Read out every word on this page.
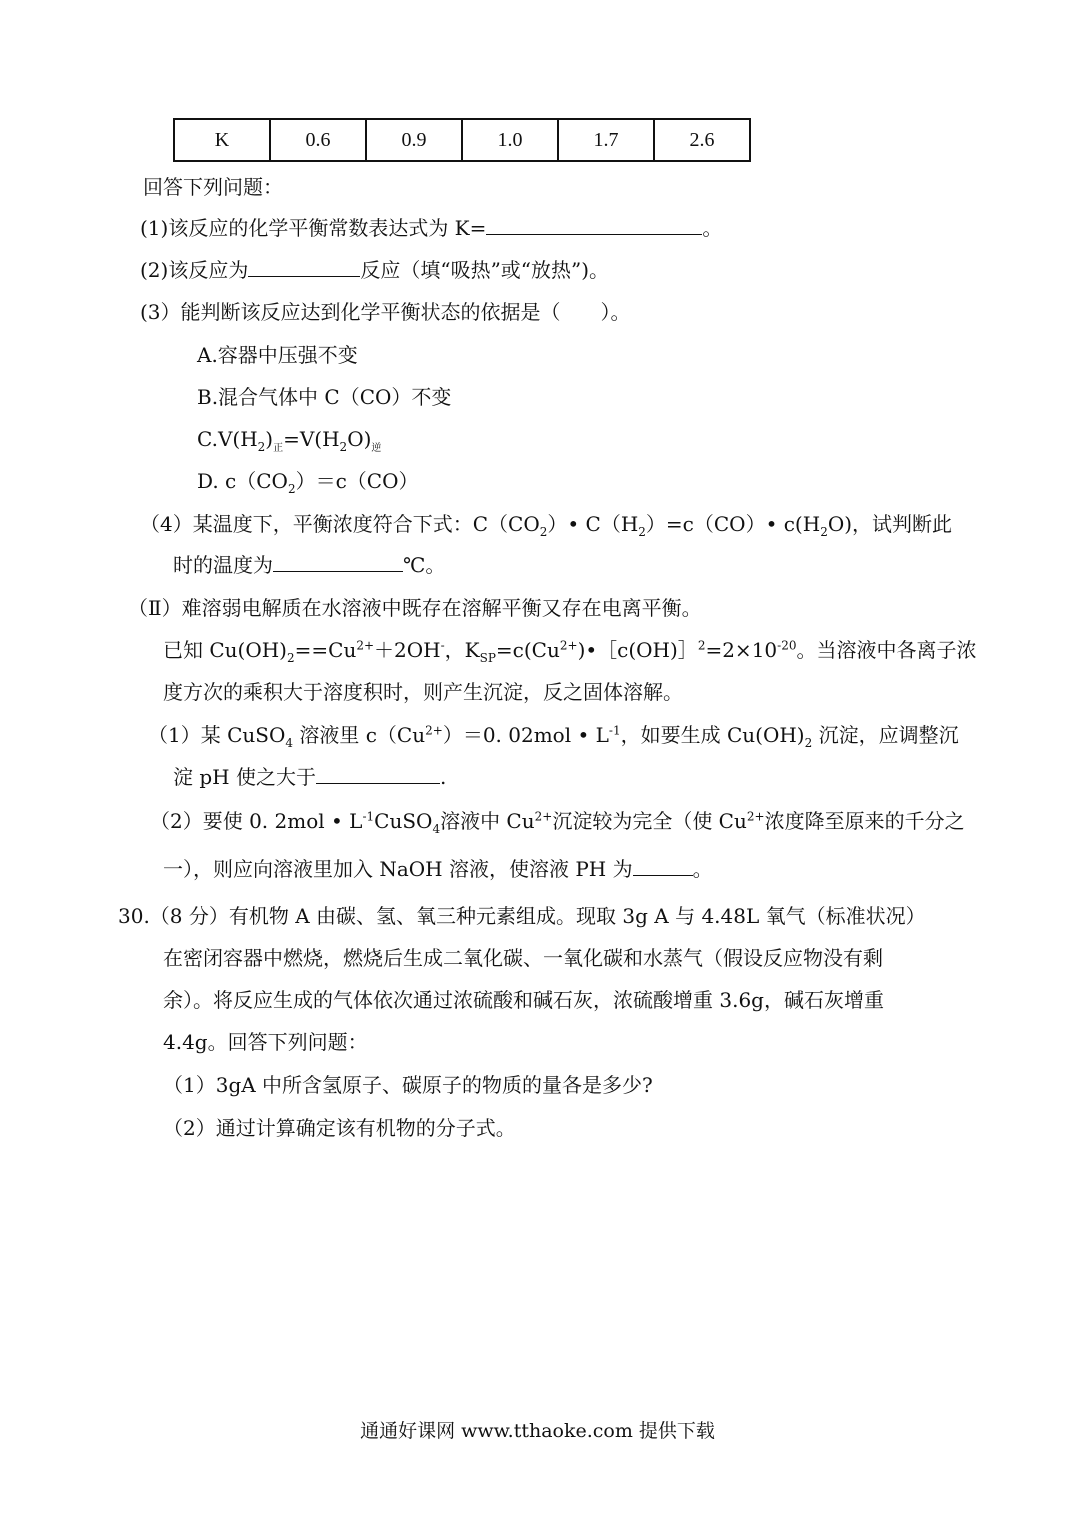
K	0.6	0.9	1.0	1.7	2.6
回答下列问题：
(1)该反应的化学平衡常数表达式为 K=	。
(2)该反应为	反应（填“吸热”或“放热”)。
(3）能判断该反应达到化学平衡状态的依据是（　　）。
A.容器中压强不变
B.混合气体中 C（CO）不变
$C.V(H_2)_正=V(H_2O)_逆$
D. $c(CO_2)=c(CO)$
（4）某温度下，平衡浓度符合下式：$C(CO_2)•$ $C(H_2)=c(CO)•$ $c(H_2O)$，试判断此
时的温度为	℃。
（Ⅱ）难溶弱电解质在水溶液中既存在溶解平衡又存在电离平衡。
已知 $Cu(OH)_2==Cu^{2+}+2OH^-$，$K_{SP}=c(Cu^{2+})•[c(OH)]^2=2\times 10^{-20}$。当溶液中各离子浓
度方次的乘积大于溶度积时，则产生沉淀，反之固体溶解。
（1）某 CuSO$_4$ 溶液里 $c(Cu^{2+})=0$. 02mol • $L^{-1}$，如要生成 $Cu(OH)_2$ 沉淀，应调整沉
淀 pH 使之大于	.
（2）要使 0. 2mol • $L^{-1}CuSO_4$溶液中 $Cu^{2+}$沉淀较为完全（使 $Cu^{2+}$浓度降至原来的千分之
一），则应向溶液里加入 NaOH 溶液，使溶液 PH 为	。
30.（8 分）有机物 A 由碳、氢、氧三种元素组成。现取 3g A 与 4.48L 氧气（标准状况）
在密闭容器中燃烧，燃烧后生成二氧化碳、一氧化碳和水蒸气（假设反应物没有剩
余）。将反应生成的气体依次通过浓硫酸和碱石灰，浓硫酸增重 3.6g，碱石灰增重
4.4g。回答下列问题：
（1）3gA 中所含氢原子、碳原子的物质的量各是多少?
（2）通过计算确定该有机物的分子式。
通通好课网 www.tthaoke.com 提供下载
